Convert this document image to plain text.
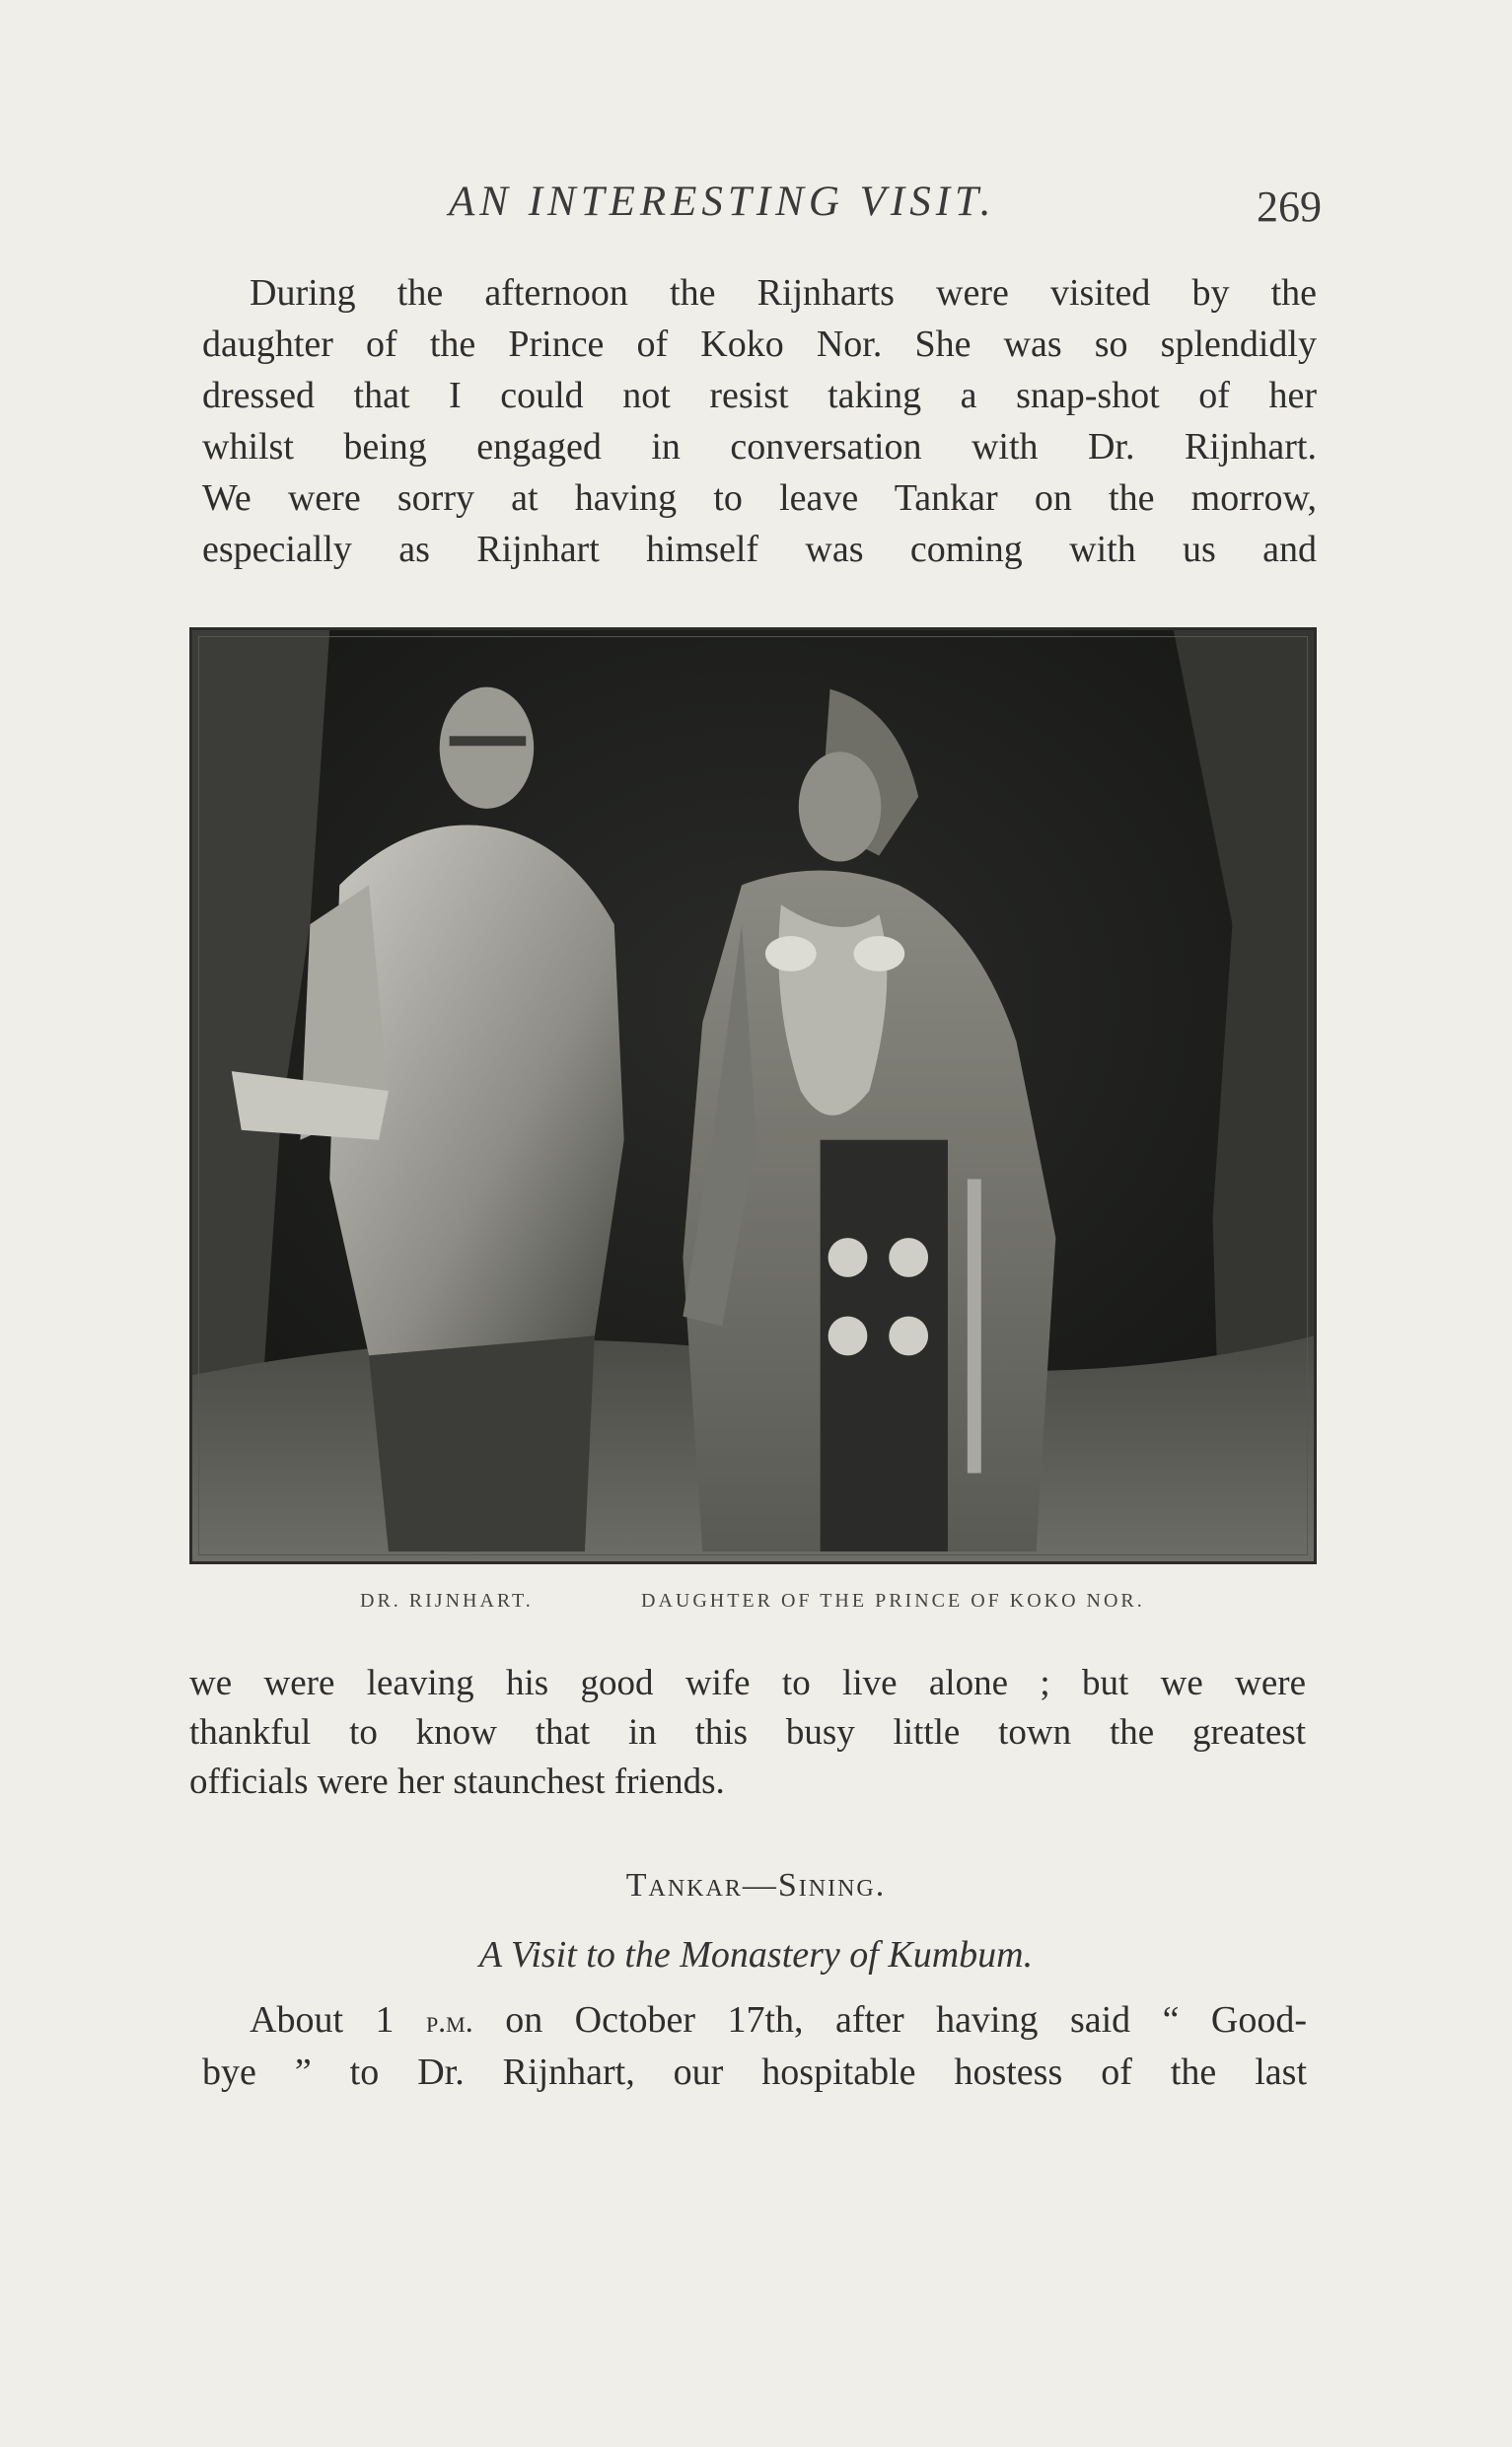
AN INTERESTING VISIT.	269
During the afternoon the Rijnharts were visited by the
daughter of the Prince of Koko Nor. She was so splendidly
dressed that I could not resist taking a snap-shot of her
whilst being engaged in conversation with Dr. Rijnhart.
We were sorry at having to leave Tankar on the morrow,
especially as Rijnhart himself was coming with us and
DR. RIJNHART.	DAUGHTER OF THE PRINCE OF KOKO NOR.
we were leaving his good wife to live alone ; but we were
thankful to know that in this busy little town the greatest
officials were her staunchest friends.
Tankar—Sining.
A Visit to the Monastery of Kumbum.
About 1 p.m. on October 17th, after having said “ Good-
bye ” to Dr. Rijnhart, our hospitable hostess of the last
